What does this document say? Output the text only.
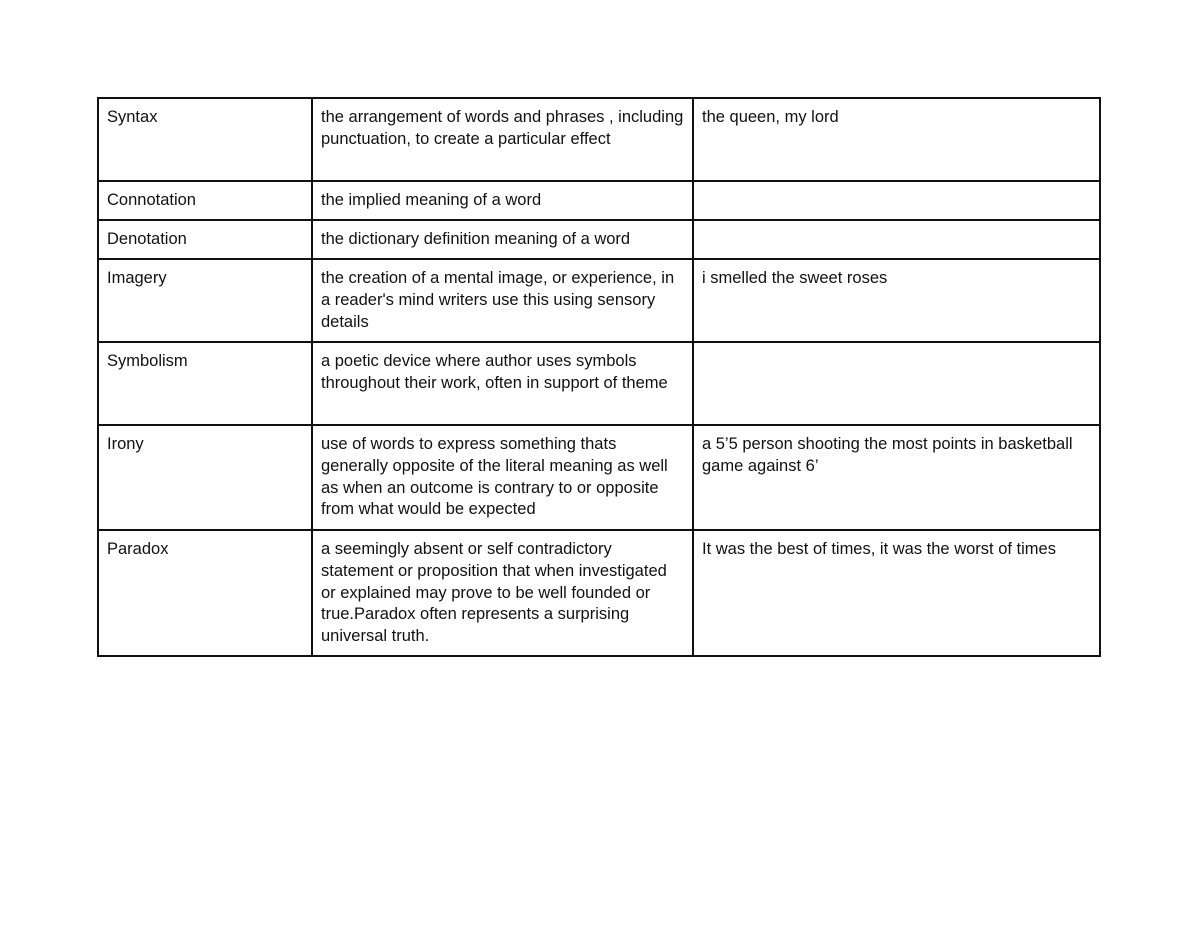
Syntax	the arrangement of words and phrases , including punctuation, to create a particular effect	the queen, my lord
Connotation	the implied meaning of a word	
Denotation	the dictionary definition meaning of a word	
Imagery	the creation of a mental image, or experience, in a reader's mind writers use this using sensory details	i smelled the sweet roses
Symbolism	a poetic device where author uses symbols throughout their work, often in support of theme	
Irony	use of words to express something thats generally opposite of the literal meaning as well as when an outcome is contrary to or opposite from what would be expected	a 5’5 person shooting the most points in basketball game against 6’
Paradox	a seemingly absent or self contradictory statement or proposition that when investigated or explained may prove to be well founded or true.Paradox often represents a surprising universal truth.	It was the best of times, it was the worst of times
